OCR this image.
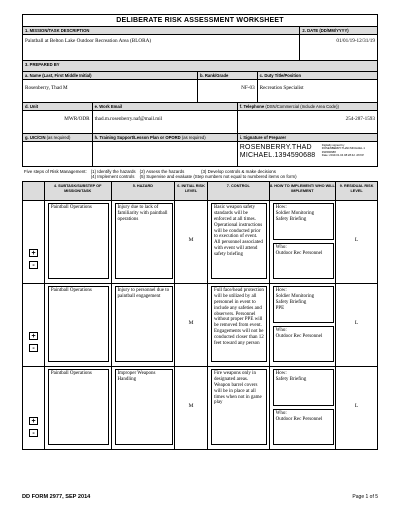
DELIBERATE RISK ASSESSMENT WORKSHEET
1. MISSION/TASK DESCRIPTION
Paintball at Belton Lake Outdoor Recreation Area (BLORA)
2. DATE (DD/MM/YYYY)
01/01/19-12/31/19
3. PREPARED BY
a. Name (Last, First Middle Initial)
Rosenberry, Thad M
b. Rank/Grade
NF-03
c. Duty Title/Position
Recreation Specialist
d. Unit
MWR/ODR
e. Work Email
thad.m.rosenberry.naf@mail.mil
f. Telephone (DSN/Commercial (Include Area Code))
254-287-1593
g. UIC/CIN (as required)	h. Training Support/Lesson Plan or OPORD (as required)	i. Signature of Preparer
ROSENBERRY.THAD
MICHAEL.1394590688
Digitally signed by
ROSENBERRY.THAD.MICHAEL.1
394590688
Date: 2019.01.04 08:28:42 -06'00'
Five steps of Risk Management:	(1) Identify the hazards	(2) Assess the hazards	(3) Develop controls & make decisions
	(4) Implement controls	(5) Supervise and evaluate (Step numbers not equal to numbered items on form)	
4. SUBTASK/SUBSTEP OF MISSION/TASK
5. HAZARD	6. INITIAL RISK LEVEL
7. CONTROL	8. HOW TO IMPLEMENT/ WHO WILL IMPLEMENT
9. RESIDUAL RISK LEVEL
+
-
Paintball Operations	Injury due to lack of familiarity with paintball operations
M
Basic weapon safety standards will be enforced at all times. Operational instructions will be conducted prior to execution of event. All personnel associated with event will attend safety briefing
How:
Soldier Monitoring
Safety Briefing
Who:
Outdoor Rec Personnel
L
+
-
Paintball Operations	Injury to personnel due to paintball engagement
M
Full face/head protection will be utilized by all personnel in event to include any safeties and observers. Personnel without proper PPE will be removed from event. Engagements will not be conducted closer than 12 feet toward any person
How:
Soldier Monitoring
Safety Briefing
PPE
Who:
Outdoor Rec Personnel
L
+
-
Paintball Operations	Improper Weapons Handling
M
Fire weapons only in designated areas. Weapon barrel covers will be in place at all times when not in game play
How:
Safety Briefing
Who:
Outdoor Rec Personnel
L
DD FORM 2977, SEP 2014	Page 1 of 5
